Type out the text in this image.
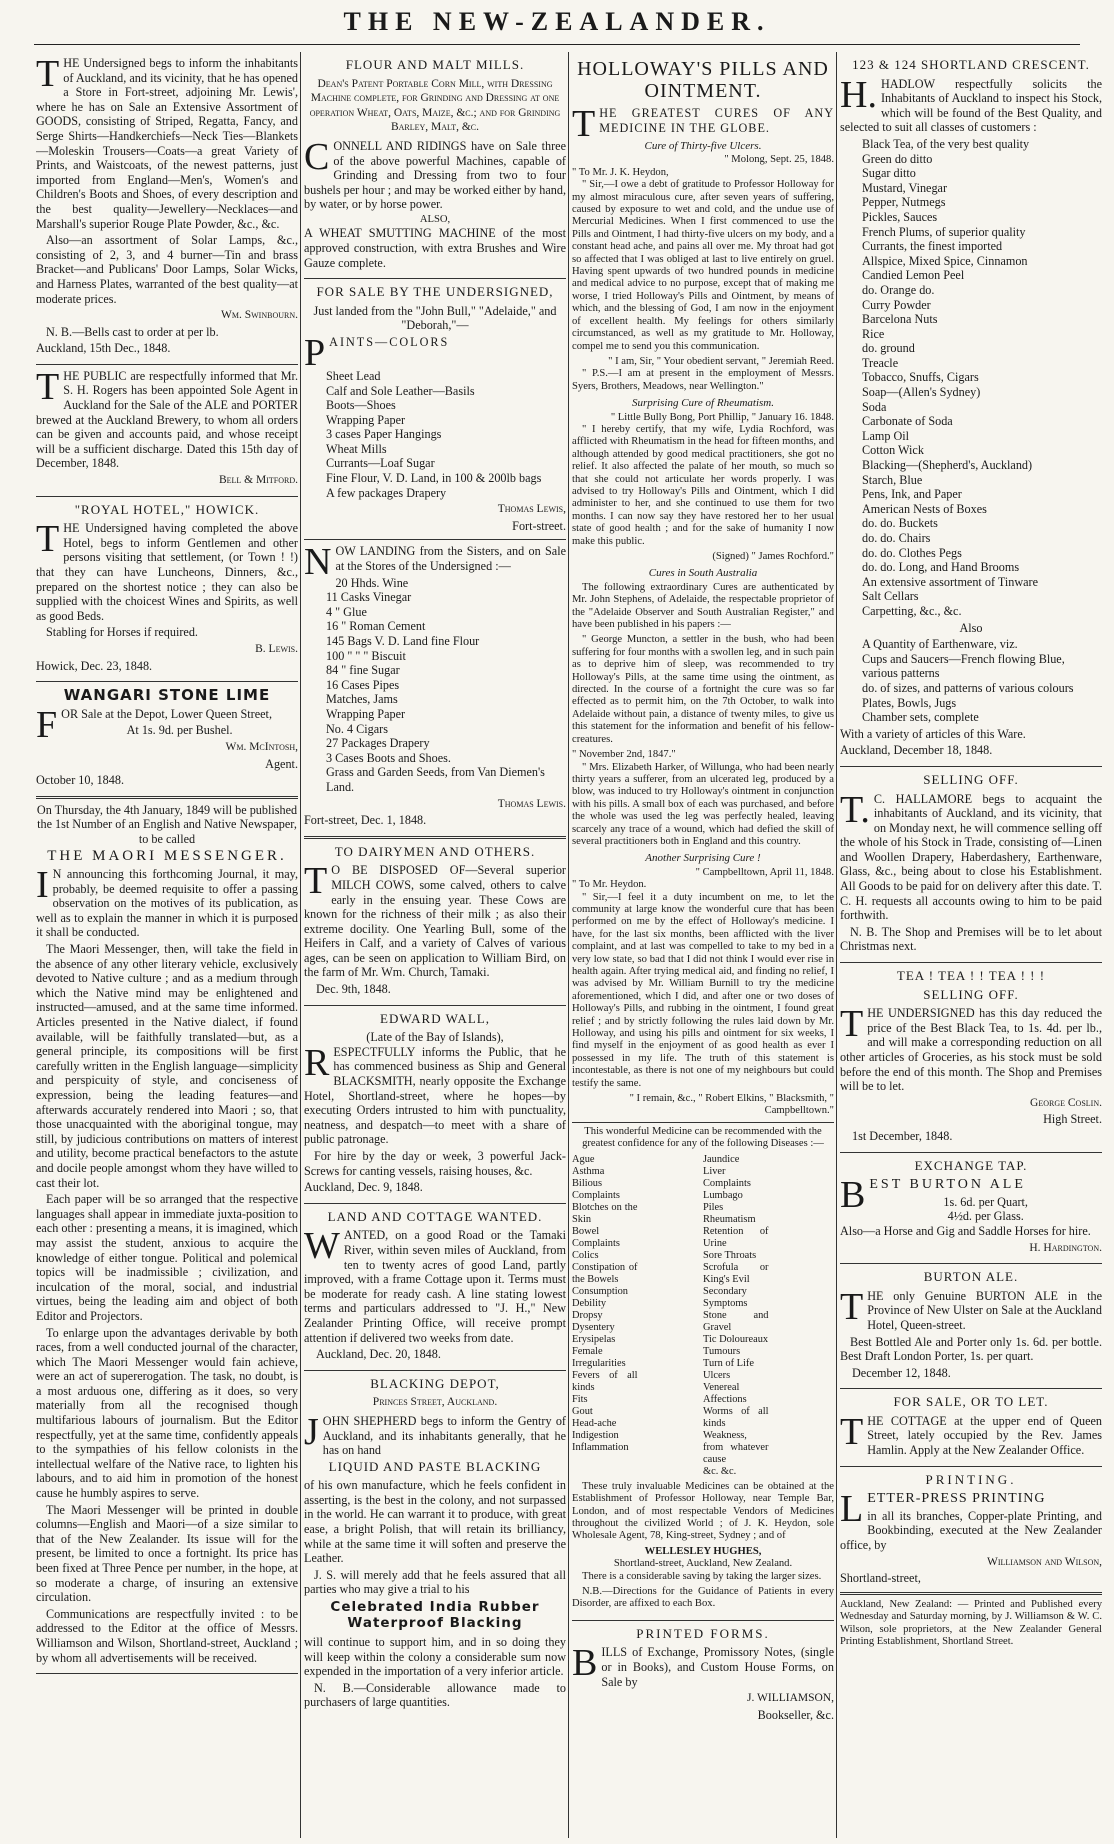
THE NEW-ZEALANDER.

THE Undersigned begs to inform the inhabitants of Auckland, and its vicinity, that he has opened a Store in Fort-street, adjoining Mr. Lewis', where he has on Sale an Extensive Assortment of GOODS, consisting of Striped, Regatta, Fancy, and Serge Shirts—Handkerchiefs—Neck Ties—Blankets—Moleskin Trousers—Coats—a great Variety of Prints, and Waistcoats, of the newest patterns, just imported from England—Men's, Women's and Children's Boots and Shoes, of every description and the best quality—Jewellery—Necklaces—and Marshall's superior Rouge Plate Powder, &c., &c.

Also—an assortment of Solar Lamps, &c., consisting of 2, 3, and 4 burner—Tin and brass Bracket—and Publicans' Door Lamps, Solar Wicks, and Harness Plates, warranted of the best quality—at moderate prices.

Wm. Swinbourn.

N. B.—Bells cast to order at per lb.

Auckland, 15th Dec., 1848.

THE PUBLIC are respectfully informed that Mr. S. H. Rogers has been appointed Sole Agent in Auckland for the Sale of the ALE and PORTER brewed at the Auckland Brewery, to whom all orders can be given and accounts paid, and whose receipt will be a sufficient discharge. Dated this 15th day of December, 1848.

Bell & Mitford.
"ROYAL HOTEL," HOWICK.

THE Undersigned having completed the above Hotel, begs to inform Gentlemen and other persons visiting that settlement, (or Town ! !) that they can have Luncheons, Dinners, &c., prepared on the shortest notice ; they can also be supplied with the choicest Wines and Spirits, as well as good Beds.

Stabling for Horses if required.

B. Lewis.
Howick, Dec. 23, 1848.
WANGARI STONE LIME

FOR Sale at the Depot, Lower Queen Street,

At 1s. 9d. per Bushel.
Wm. McIntosh,
Agent.
October 10, 1848.

On Thursday, the 4th January, 1849 will be published the 1st Number of an English and Native Newspaper, to be called

THE MAORI MESSENGER.

I N announcing this forthcoming Journal, it may, probably, be deemed requisite to offer a passing observation on the motives of its publication, as well as to explain the manner in which it is purposed it shall be conducted.

The Maori Messenger, then, will take the field in the absence of any other literary vehicle, exclusively devoted to Native culture ; and as a medium through which the Native mind may be enlightened and instructed—amused, and at the same time informed. Articles presented in the Native dialect, if found available, will be faithfully translated—but, as a general principle, its compositions will be first carefully written in the English language—simplicity and perspicuity of style, and conciseness of expression, being the leading features—and afterwards accurately rendered into Maori ; so, that those unacquainted with the aboriginal tongue, may still, by judicious contributions on matters of interest and utility, become practical benefactors to the astute and docile people amongst whom they have willed to cast their lot.

Each paper will be so arranged that the respective languages shall appear in immediate juxta-position to each other : presenting a means, it is imagined, which may assist the student, anxious to acquire the knowledge of either tongue. Political and polemical topics will be inadmissible ; civilization, and inculcation of the moral, social, and industrial virtues, being the leading aim and object of both Editor and Projectors.

To enlarge upon the advantages derivable by both races, from a well conducted journal of the character, which The Maori Messenger would fain achieve, were an act of supererogation. The task, no doubt, is a most arduous one, differing as it does, so very materially from all the recognised though multifarious labours of journalism. But the Editor respectfully, yet at the same time, confidently appeals to the sympathies of his fellow colonists in the intellectual welfare of the Native race, to lighten his labours, and to aid him in promotion of the honest cause he humbly aspires to serve.

The Maori Messenger will be printed in double columns—English and Maori—of a size similar to that of the New Zealander. Its issue will for the present, be limited to once a fortnight. Its price has been fixed at Three Pence per number, in the hope, at so moderate a charge, of insuring an extensive circulation.

Communications are respectfully invited : to be addressed to the Editor at the office of Messrs. Williamson and Wilson, Shortland-street, Auckland ; by whom all advertisements will be received.

FLOUR AND MALT MILLS.
Dean's Patent Portable Corn Mill, with Dressing Machine complete, for Grinding and Dressing at one operation Wheat, Oats, Maize, &c.; and for Grinding Barley, Malt, &c.

CONNELL AND RIDINGS have on Sale three of the above powerful Machines, capable of Grinding and Dressing from two to four bushels per hour ; and may be worked either by hand, by water, or by horse power.

ALSO,

A WHEAT SMUTTING MACHINE of the most approved construction, with extra Brushes and Wire Gauze complete.

FOR SALE BY THE UNDERSIGNED,

Just landed from the "John Bull," "Adelaide," and "Deborah,"—

PAINTS—COLORS

Sheet Lead
Calf and Sole Leather—Basils
Boots—Shoes
Wrapping Paper
3 cases Paper Hangings
Wheat Mills
Currants—Loaf Sugar
Fine Flour, V. D. Land, in 100 & 200lb bags
A few packages Drapery
Thomas Lewis,
Fort-street.

NOW LANDING from the Sisters, and on Sale at the Stores of the Undersigned :—

20 Hhds. Wine
11 Casks Vinegar
4 " Glue
16 " Roman Cement
145 Bags V. D. Land fine Flour
100 " " " Biscuit
84 " fine Sugar
16 Cases Pipes
Matches, Jams
Wrapping Paper
No. 4 Cigars
27 Packages Drapery
3 Cases Boots and Shoes.
Grass and Garden Seeds, from Van Diemen's Land.
Thomas Lewis.
Fort-street, Dec. 1, 1848.
TO DAIRYMEN AND OTHERS.

T O BE DISPOSED OF—Several superior MILCH COWS, some calved, others to calve early in the ensuing year. These Cows are known for the richness of their milk ; as also their extreme docility. One Yearling Bull, some of the Heifers in Calf, and a variety of Calves of various ages, can be seen on application to William Bird, on the farm of Mr. Wm. Church, Tamaki.

Dec. 9th, 1848.
EDWARD WALL,
(Late of the Bay of Islands),

RESPECTFULLY informs the Public, that he has commenced business as Ship and General BLACKSMITH, nearly opposite the Exchange Hotel, Shortland-street, where he hopes—by executing Orders intrusted to him with punctuality, neatness, and despatch—to meet with a share of public patronage.

For hire by the day or week, 3 powerful Jack-Screws for canting vessels, raising houses, &c.

Auckland, Dec. 9, 1848.
LAND AND COTTAGE WANTED.

WANTED, on a good Road or the Tamaki River, within seven miles of Auckland, from ten to twenty acres of good Land, partly improved, with a frame Cottage upon it. Terms must be moderate for ready cash. A line stating lowest terms and particulars addressed to "J. H.," New Zealander Printing Office, will receive prompt attention if delivered two weeks from date.

Auckland, Dec. 20, 1848.
BLACKING DEPOT,
Princes Street, Auckland.

JOHN SHEPHERD begs to inform the Gentry of Auckland, and its inhabitants generally, that he has on hand

LIQUID AND PASTE BLACKING

of his own manufacture, which he feels confident in asserting, is the best in the colony, and not surpassed in the world. He can warrant it to produce, with great ease, a bright Polish, that will retain its brilliancy, while at the same time it will soften and preserve the Leather.

J. S. will merely add that he feels assured that all parties who may give a trial to his

Celebrated India Rubber Waterproof Blacking

will continue to support him, and in so doing they will keep within the colony a considerable sum now expended in the importation of a very inferior article.

N. B.—Considerable allowance made to purchasers of large quantities.

HOLLOWAY'S PILLS AND OINTMENT.

THE GREATEST CURES OF ANY MEDICINE IN THE GLOBE.

Cure of Thirty-five Ulcers.
" Molong, Sept. 25, 1848.
" To Mr. J. K. Heydon,

" Sir,—I owe a debt of gratitude to Professor Holloway for my almost miraculous cure, after seven years of suffering, caused by exposure to wet and cold, and the undue use of Mercurial Medicines. When I first commenced to use the Pills and Ointment, I had thirty-five ulcers on my body, and a constant head ache, and pains all over me. My throat had got so affected that I was obliged at last to live entirely on gruel. Having spent upwards of two hundred pounds in medicine and medical advice to no purpose, except that of making me worse, I tried Holloway's Pills and Ointment, by means of which, and the blessing of God, I am now in the enjoyment of excellent health. My feelings for others similarly circumstanced, as well as my gratitude to Mr. Holloway, compel me to send you this communication.

" I am, Sir, " Your obedient servant, " Jeremiah Reed.

" P.S.—I am at present in the employment of Messrs. Syers, Brothers, Meadows, near Wellington."

Surprising Cure of Rheumatism.
" Little Bully Bong, Port Phillip, " January 16. 1848.

" I hereby certify, that my wife, Lydia Rochford, was afflicted with Rheumatism in the head for fifteen months, and although attended by good medical practitioners, she got no relief. It also affected the palate of her mouth, so much so that she could not articulate her words properly. I was advised to try Holloway's Pills and Ointment, which I did administer to her, and she continued to use them for two months. I can now say they have restored her to her usual state of good health ; and for the sake of humanity I now make this public.

(Signed) " James Rochford."
Cures in South Australia

The following extraordinary Cures are authenticated by Mr. John Stephens, of Adelaide, the respectable proprietor of the "Adelaide Observer and South Australian Register," and have been published in his papers :—

" George Muncton, a settler in the bush, who had been suffering for four months with a swollen leg, and in such pain as to deprive him of sleep, was recommended to try Holloway's Pills, at the same time using the ointment, as directed. In the course of a fortnight the cure was so far effected as to permit him, on the 7th October, to walk into Adelaide without pain, a distance of twenty miles, to give us this statement for the information and benefit of his fellow-creatures.

" November 2nd, 1847."

" Mrs. Elizabeth Harker, of Willunga, who had been nearly thirty years a sufferer, from an ulcerated leg, produced by a blow, was induced to try Holloway's ointment in conjunction with his pills. A small box of each was purchased, and before the whole was used the leg was perfectly healed, leaving scarcely any trace of a wound, which had defied the skill of several practitioners both in England and this country.

Another Surprising Cure !
" Campbelltown, April 11, 1848.
" To Mr. Heydon.

" Sir,—I feel it a duty incumbent on me, to let the community at large know the wonderful cure that has been performed on me by the effect of Holloway's medicine. I have, for the last six months, been afflicted with the liver complaint, and at last was compelled to take to my bed in a very low state, so bad that I did not think I would ever rise in health again. After trying medical aid, and finding no relief, I was advised by Mr. William Burnill to try the medicine aforementioned, which I did, and after one or two doses of Holloway's Pills, and rubbing in the ointment, I found great relief ; and by strictly following the rules laid down by Mr. Holloway, and using his pills and ointment for six weeks, I find myself in the enjoyment of as good health as ever I possessed in my life. The truth of this statement is incontestable, as there is not one of my neighbours but could testify the same.

" I remain, &c., " Robert Elkins, " Blacksmith, " Campbelltown."

This wonderful Medicine can be recommended with the greatest confidence for any of the following Diseases :—

Ague
Asthma
Bilious Complaints
Blotches on the Skin
Bowel Complaints
Colics
Constipation of the Bowels
Consumption
Debility
Dropsy
Dysentery
Erysipelas
Female Irregularities
Fevers of all kinds
Fits
Gout
Head-ache
Indigestion
Inflammation
Jaundice
Liver Complaints
Lumbago
Piles
Rheumatism
Retention of Urine
Sore Throats
Scrofula or King's Evil
Secondary Symptoms
Stone and Gravel
Tic Doloureaux
Tumours
Turn of Life
Ulcers
Venereal Affections
Worms of all kinds
Weakness, from whatever cause
&c. &c.

These truly invaluable Medicines can be obtained at the Establishment of Professor Holloway, near Temple Bar, London, and of most respectable Vendors of Medicines throughout the civilized World ; of J. K. Heydon, sole Wholesale Agent, 78, King-street, Sydney ; and of

WELLESLEY HUGHES,
Shortland-street, Auckland, New Zealand.

There is a considerable saving by taking the larger sizes.

N.B.—Directions for the Guidance of Patients in every Disorder, are affixed to each Box.

PRINTED FORMS.

BILLS of Exchange, Promissory Notes, (single or in Books), and Custom House Forms, on Sale by

J. WILLIAMSON,
Bookseller, &c.
123 & 124 SHORTLAND CRESCENT.

H. HADLOW respectfully solicits the Inhabitants of Auckland to inspect his Stock, which will be found of the Best Quality, and selected to suit all classes of customers :

Black Tea, of the very best quality
Green do ditto
Sugar ditto
Mustard, Vinegar
Pepper, Nutmegs
Pickles, Sauces
French Plums, of superior quality
Currants, the finest imported
Allspice, Mixed Spice, Cinnamon
Candied Lemon Peel
do. Orange do.
Curry Powder
Barcelona Nuts
Rice
do. ground
Treacle
Tobacco, Snuffs, Cigars
Soap—(Allen's Sydney)
Soda
Carbonate of Soda
Lamp Oil
Cotton Wick
Blacking—(Shepherd's, Auckland)
Starch, Blue
Pens, Ink, and Paper
American Nests of Boxes
do. do. Buckets
do. do. Chairs
do. do. Clothes Pegs
do. do. Long, and Hand Brooms
An extensive assortment of Tinware
Salt Cellars
Carpetting, &c., &c.
Also
A Quantity of Earthenware, viz.
Cups and Saucers—French flowing Blue, various patterns
do. of sizes, and patterns of various colours
Plates, Bowls, Jugs
Chamber sets, complete

With a variety of articles of this Ware.

Auckland, December 18, 1848.
SELLING OFF.

T. C. HALLAMORE begs to acquaint the inhabitants of Auckland, and its vicinity, that on Monday next, he will commence selling off the whole of his Stock in Trade, consisting of—Linen and Woollen Drapery, Haberdashery, Earthenware, Glass, &c., being about to close his Establishment. All Goods to be paid for on delivery after this date. T. C. H. requests all accounts owing to him to be paid forthwith.

N. B. The Shop and Premises will be to let about Christmas next.

TEA ! TEA ! ! TEA ! ! !
SELLING OFF.

THE UNDERSIGNED has this day reduced the price of the Best Black Tea, to 1s. 4d. per lb., and will make a corresponding reduction on all other articles of Groceries, as his stock must be sold before the end of this month. The Shop and Premises will be to let.

George Coslin.
High Street.
1st December, 1848.
EXCHANGE TAP.

BEST BURTON ALE

1s. 6d. per Quart,
4½d. per Glass.

Also—a Horse and Gig and Saddle Horses for hire.

H. Hardington.
BURTON ALE.

THE only Genuine BURTON ALE in the Province of New Ulster on Sale at the Auckland Hotel, Queen-street.

Best Bottled Ale and Porter only 1s. 6d. per bottle. Best Draft London Porter, 1s. per quart.

December 12, 1848.
FOR SALE, OR TO LET.

THE COTTAGE at the upper end of Queen Street, lately occupied by the Rev. James Hamlin. Apply at the New Zealander Office.

PRINTING.

LETTER-PRESS PRINTING

in all its branches, Copper-plate Printing, and Bookbinding, executed at the New Zealander office, by

Williamson and Wilson,
Shortland-street,
Auckland, New Zealand: — Printed and Published every Wednesday and Saturday morning, by J. Williamson & W. C. Wilson, sole proprietors, at the New Zealander General Printing Establishment, Shortland Street.
